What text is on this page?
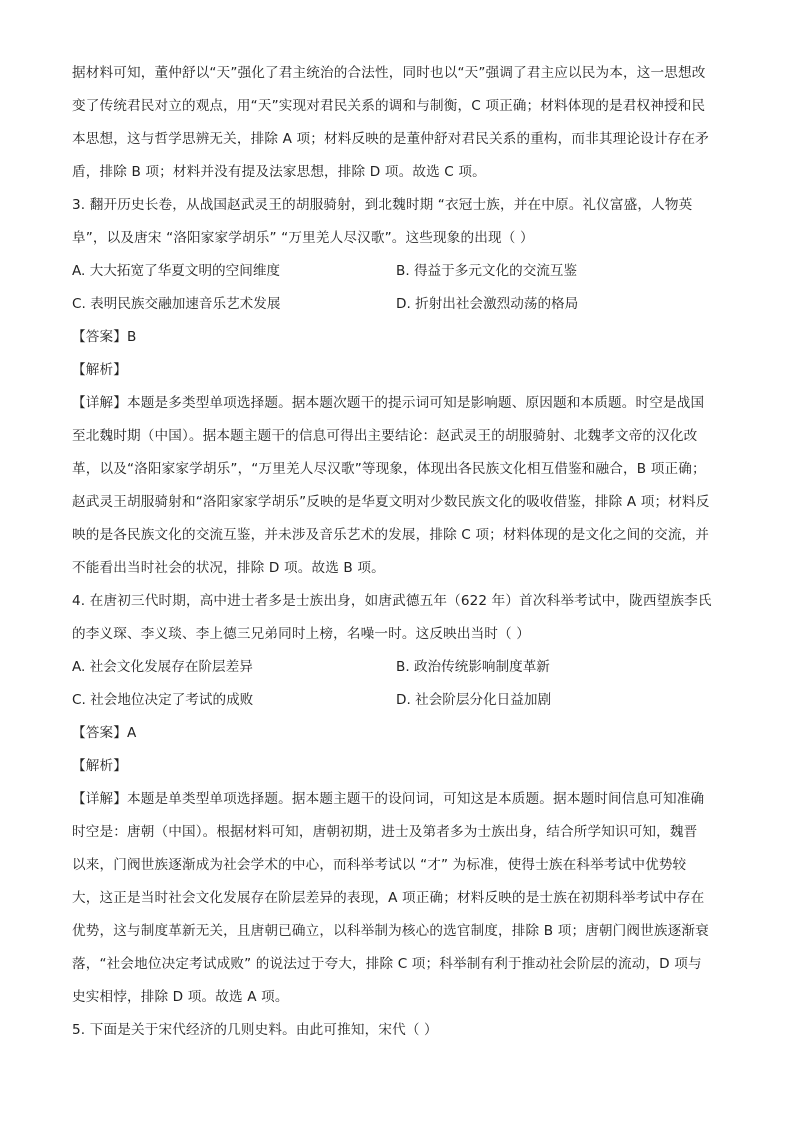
据材料可知，董仲舒以“天”强化了君主统治的合法性，同时也以“天”强调了君主应以民为本，这一思想改
变了传统君民对立的观点，用“天”实现对君民关系的调和与制衡，C 项正确；材料体现的是君权神授和民
本思想，这与哲学思辨无关，排除 A 项；材料反映的是董仲舒对君民关系的重构，而非其理论设计存在矛
盾，排除 B 项；材料并没有提及法家思想，排除 D 项。故选 C 项。
3. 翻开历史长卷，从战国赵武灵王的胡服骑射，到北魏时期 “衣冠士族，并在中原。礼仪富盛，人物英
阜”，以及唐宋 “洛阳家家学胡乐” “万里羌人尽汉歌”。这些现象的出现（ ）
A. 大大拓宽了华夏文明的空间维度	B. 得益于多元文化的交流互鉴
C. 表明民族交融加速音乐艺术发展	D. 折射出社会激烈动荡的格局
【答案】B
【解析】
【详解】本题是多类型单项选择题。据本题次题干的提示词可知是影响题、原因题和本质题。时空是战国
至北魏时期（中国）。据本题主题干的信息可得出主要结论：赵武灵王的胡服骑射、北魏孝文帝的汉化改
革，以及“洛阳家家学胡乐”，“万里羌人尽汉歌”等现象，体现出各民族文化相互借鉴和融合，B 项正确；
赵武灵王胡服骑射和“洛阳家家学胡乐”反映的是华夏文明对少数民族文化的吸收借鉴，排除 A 项；材料反
映的是各民族文化的交流互鉴，并未涉及音乐艺术的发展，排除 C 项；材料体现的是文化之间的交流，并
不能看出当时社会的状况，排除 D 项。故选 B 项。
4. 在唐初三代时期，高中进士者多是士族出身，如唐武德五年（622 年）首次科举考试中，陇西望族李氏
的李义琛、李义琰、李上德三兄弟同时上榜，名噪一时。这反映出当时（ ）
A. 社会文化发展存在阶层差异	B. 政治传统影响制度革新
C. 社会地位决定了考试的成败	D. 社会阶层分化日益加剧
【答案】A
【解析】
【详解】本题是单类型单项选择题。据本题主题干的设问词，可知这是本质题。据本题时间信息可知准确
时空是：唐朝（中国）。根据材料可知，唐朝初期，进士及第者多为士族出身，结合所学知识可知，魏晋
以来，门阀世族逐渐成为社会学术的中心，而科举考试以 “才” 为标准，使得士族在科举考试中优势较
大，这正是当时社会文化发展存在阶层差异的表现，A 项正确；材料反映的是士族在初期科举考试中存在
优势，这与制度革新无关，且唐朝已确立，以科举制为核心的选官制度，排除 B 项；唐朝门阀世族逐渐衰
落，“社会地位决定考试成败” 的说法过于夸大，排除 C 项；科举制有利于推动社会阶层的流动，D 项与
史实相悖，排除 D 项。故选 A 项。
5. 下面是关于宋代经济的几则史料。由此可推知，宋代（ ）
